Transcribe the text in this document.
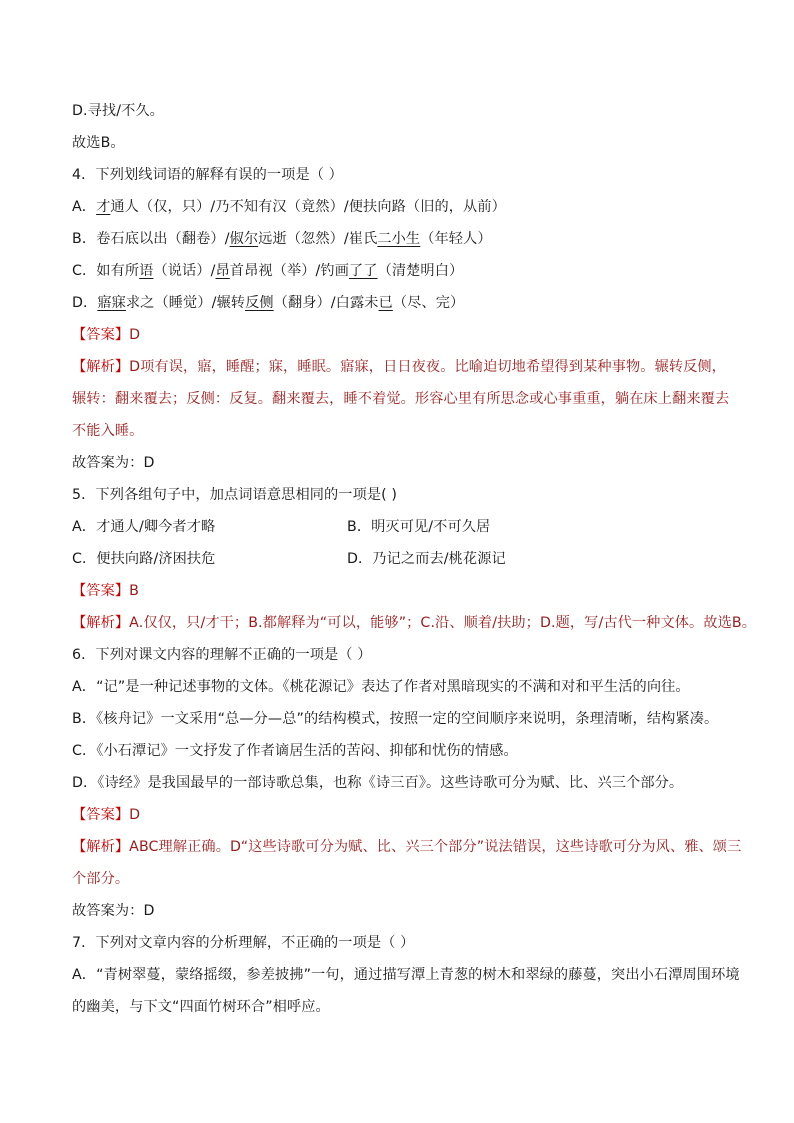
D.寻找/不久。
故选B。
4．下列划线词语的解释有误的一项是（ ）
A．才通人（仅，只）/乃不知有汉（竟然）/便扶向路（旧的，从前）
B．卷石底以出（翻卷）/俶尔远逝（忽然）/崔氏二小生（年轻人）
C．如有所语（说话）/昂首昂视（举）/钓画了了（清楚明白）
D．寤寐求之（睡觉）/辗转反侧（翻身）/白露未已（尽、完）
【答案】D
【解析】D项有误，寤，睡醒；寐，睡眠。寤寐，日日夜夜。比喻迫切地希望得到某种事物。辗转反侧，
辗转：翻来覆去；反侧：反复。翻来覆去，睡不着觉。形容心里有所思念或心事重重，躺在床上翻来覆去
不能入睡。
故答案为：D
5．下列各组句子中，加点词语意思相同的一项是( )
A．才通人/卿今者才略	B．明灭可见/不可久居
C．便扶向路/济困扶危	D．乃记之而去/桃花源记
【答案】B
【解析】A.仅仅，只/才干；B.都解释为“可以，能够”；C.沿、顺着/扶助；D.题，写/古代一种文体。故选B。
6．下列对课文内容的理解不正确的一项是（ ）
A．“记”是一种记述事物的文体。《桃花源记》表达了作者对黑暗现实的不满和对和平生活的向往。
B．《核舟记》一文采用“总—分—总”的结构模式，按照一定的空间顺序来说明，条理清晰，结构紧凑。
C．《小石潭记》一文抒发了作者谪居生活的苦闷、抑郁和忧伤的情感。
D．《诗经》是我国最早的一部诗歌总集，也称《诗三百》。这些诗歌可分为赋、比、兴三个部分。
【答案】D
【解析】ABC理解正确。D“这些诗歌可分为赋、比、兴三个部分”说法错误，这些诗歌可分为风、雅、颂三
个部分。
故答案为：D
7．下列对文章内容的分析理解，不正确的一项是（ ）
A．“青树翠蔓，蒙络摇缀，参差披拂”一句，通过描写潭上青葱的树木和翠绿的藤蔓，突出小石潭周围环境
的幽美，与下文“四面竹树环合”相呼应。
